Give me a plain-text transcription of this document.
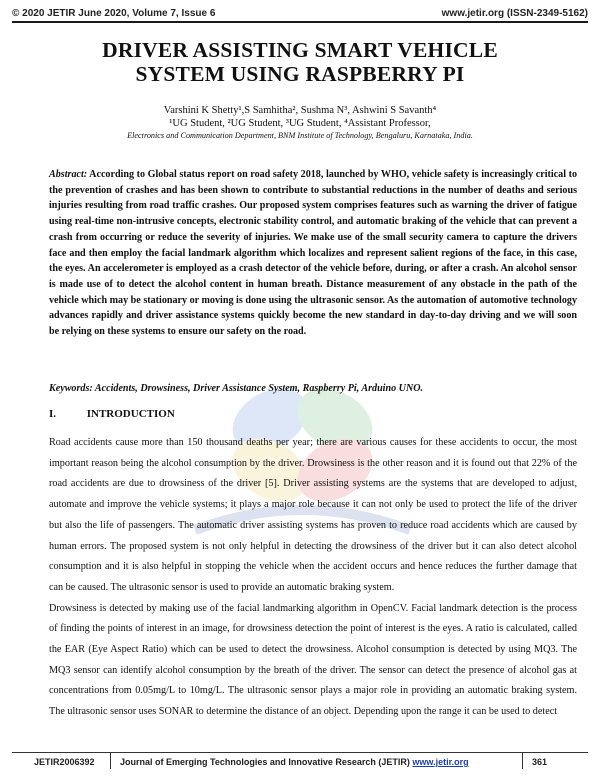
© 2020 JETIR June 2020, Volume 7, Issue 6	www.jetir.org (ISSN-2349-5162)
DRIVER ASSISTING SMART VEHICLE
SYSTEM USING RASPBERRY PI
Varshini K Shetty¹,S Samhitha², Sushma N³, Ashwini S Savanth⁴
¹UG Student, ²UG Student, ³UG Student, ⁴Assistant Professor,
Electronics and Communication Department, BNM Institute of Technology, Bengaluru, Karnataka, India.
Abstract: According to Global status report on road safety 2018, launched by WHO, vehicle safety is increasingly critical to the prevention of crashes and has been shown to contribute to substantial reductions in the number of deaths and serious injuries resulting from road traffic crashes. Our proposed system comprises features such as warning the driver of fatigue using real-time non-intrusive concepts, electronic stability control, and automatic braking of the vehicle that can prevent a crash from occurring or reduce the severity of injuries. We make use of the small security camera to capture the drivers face and then employ the facial landmark algorithm which localizes and represent salient regions of the face, in this case, the eyes. An accelerometer is employed as a crash detector of the vehicle before, during, or after a crash. An alcohol sensor is made use of to detect the alcohol content in human breath. Distance measurement of any obstacle in the path of the vehicle which may be stationary or moving is done using the ultrasonic sensor. As the automation of automotive technology advances rapidly and driver assistance systems quickly become the new standard in day-to-day driving and we will soon be relying on these systems to ensure our safety on the road.
Keywords: Accidents, Drowsiness, Driver Assistance System, Raspberry Pi, Arduino UNO.
I.	INTRODUCTION

Road accidents cause more than 150 thousand deaths per year; there are various causes for these accidents to occur, the most important reason being the alcohol consumption by the driver. Drowsiness is the other reason and it is found out that 22% of the road accidents are due to drowsiness of the driver [5]. Driver assisting systems are the systems that are developed to adjust, automate and improve the vehicle systems; it plays a major role because it can not only be used to protect the life of the driver but also the life of passengers. The automatic driver assisting systems has proven to reduce road accidents which are caused by human errors. The proposed system is not only helpful in detecting the drowsiness of the driver but it can also detect alcohol consumption and it is also helpful in stopping the vehicle when the accident occurs and hence reduces the further damage that can be caused. The ultrasonic sensor is used to provide an automatic braking system.

Drowsiness is detected by making use of the facial landmarking algorithm in OpenCV. Facial landmark detection is the process of finding the points of interest in an image, for drowsiness detection the point of interest is the eyes. A ratio is calculated, called the EAR (Eye Aspect Ratio) which can be used to detect the drowsiness. Alcohol consumption is detected by using MQ3. The MQ3 sensor can identify alcohol consumption by the breath of the driver. The sensor can detect the presence of alcohol gas at concentrations from 0.05mg/L to 10mg/L. The ultrasonic sensor plays a major role in providing an automatic braking system. The ultrasonic sensor uses SONAR to determine the distance of an object. Depending upon the range it can be used to detect

JETIR2006392	Journal of Emerging Technologies and Innovative Research (JETIR) www.jetir.org	361
